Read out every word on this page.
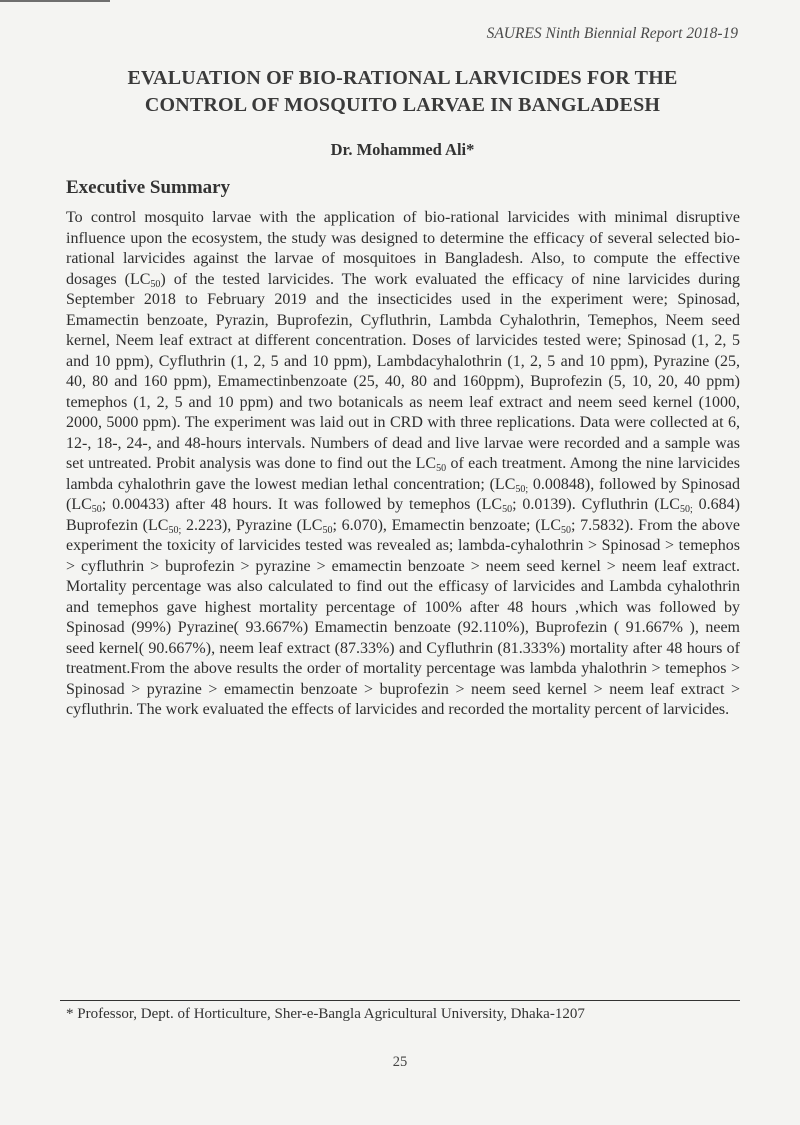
SAURES Ninth Biennial Report 2018-19
EVALUATION OF BIO-RATIONAL LARVICIDES FOR THE
CONTROL OF MOSQUITO LARVAE IN BANGLADESH
Dr. Mohammed Ali*
Executive Summary

To control mosquito larvae with the application of bio-rational larvicides with minimal disruptive influence upon the ecosystem, the study was designed to determine the efficacy of several selected bio-rational larvicides against the larvae of mosquitoes in Bangladesh. Also, to compute the effective dosages $(LC_{50})$ of the tested larvicides. The work evaluated the efficacy of nine larvicides during September 2018 to February 2019 and the insecticides used in the experiment were; Spinosad, Emamectin benzoate, Pyrazin, Buprofezin, Cyfluthrin, Lambda Cyhalothrin, Temephos, Neem seed kernel, Neem leaf extract at different concentration. Doses of larvicides tested were; Spinosad (1, 2, 5 and 10 ppm), Cyfluthrin (1, 2, 5 and 10 ppm), Lambdacyhalothrin (1, 2, 5 and 10 ppm), Pyrazine (25, 40, 80 and 160 ppm), Emamectinbenzoate (25, 40, 80 and 160ppm), Buprofezin (5, 10, 20, 40 ppm) temephos (1, 2, 5 and 10 ppm) and two botanicals as neem leaf extract and neem seed kernel (1000, 2000, 5000 ppm). The experiment was laid out in CRD with three replications. Data were collected at 6, 12-, 18-, 24-, and 48-hours intervals. Numbers of dead and live larvae were recorded and a sample was set untreated. Probit analysis was done to find out the $LC_{50}$ of each treatment. Among the nine larvicides lambda cyhalothrin gave the lowest median lethal concentration; ($LC_{50;}$ 0.00848), followed by Spinosad ($LC_{50}$; 0.00433) after 48 hours. It was followed by temephos ($LC_{50}$; 0.0139). Cyfluthrin ($LC_{50;}$ 0.684) Buprofezin ($LC_{50;}$ 2.223), Pyrazine ($LC_{50}$; 6.070), Emamectin benzoate; ($LC_{50}$; 7.5832). From the above experiment the toxicity of larvicides tested was revealed as; lambda-cyhalothrin > Spinosad > temephos > cyfluthrin > buprofezin > pyrazine > emamectin benzoate > neem seed kernel > neem leaf extract. Mortality percentage was also calculated to find out the efficasy of larvicides and Lambda cyhalothrin and temephos gave highest mortality percentage of 100% after 48 hours ,which was followed by Spinosad (99%) Pyrazine( 93.667%) Emamectin benzoate (92.110%), Buprofezin ( 91.667% ), neem seed kernel( 90.667%), neem leaf extract (87.33%) and Cyfluthrin (81.333%) mortality after 48 hours of treatment.From the above results the order of mortality percentage was lambda yhalothrin > temephos > Spinosad > pyrazine > emamectin benzoate > buprofezin > neem seed kernel > neem leaf extract > cyfluthrin. The work evaluated the effects of larvicides and recorded the mortality percent of larvicides.

* Professor, Dept. of Horticulture, Sher-e-Bangla Agricultural University, Dhaka-1207
25
